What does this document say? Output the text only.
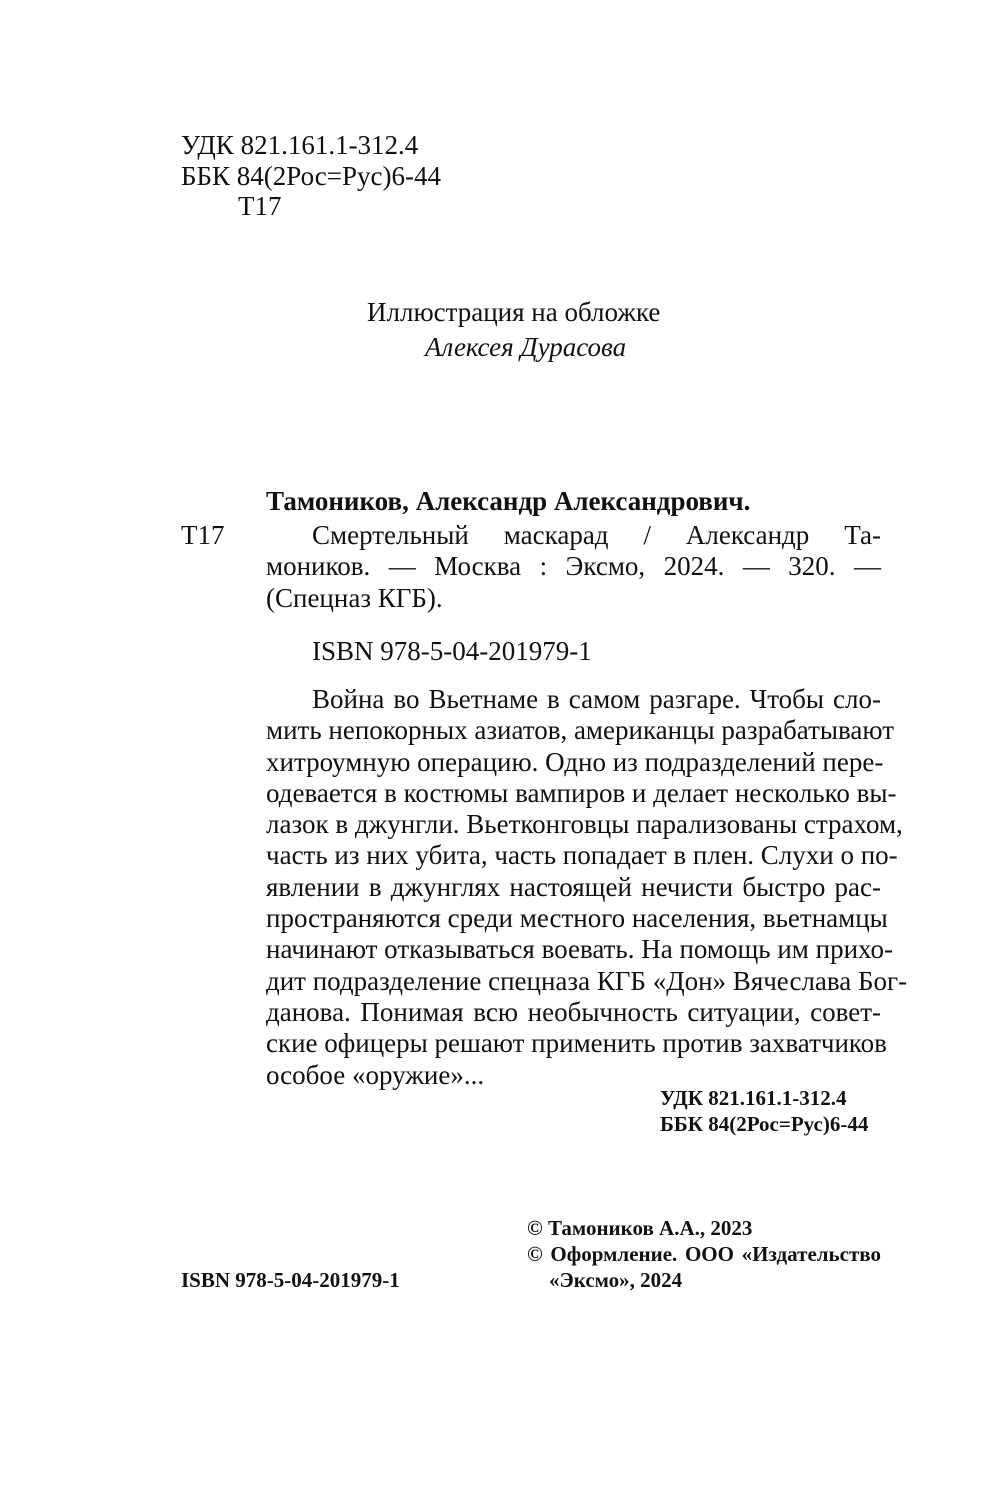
УДК 821.161.1-312.4
ББК 84(2Рос=Рус)6-44
Т17
Иллюстрация на обложке
Алексея Дурасова
Тамоников, Александр Александрович.
Т17	Смертельный маскарад / Александр Та-
моников. — Москва : Эксмо, 2024. — 320. —
(Спецназ КГБ).
ISBN 978-5-04-201979-1
Война во Вьетнаме в самом разгаре. Чтобы сло-
мить непокорных азиатов, американцы разрабатывают
хитроумную операцию. Одно из подразделений пере-
одевается в костюмы вампиров и делает несколько вы-
лазок в джунгли. Вьетконговцы парализованы страхом,
часть из них убита, часть попадает в плен. Слухи о по-
явлении в джунглях настоящей нечисти быстро рас-
пространяются среди местного населения, вьетнамцы
начинают отказываться воевать. На помощь им прихо-
дит подразделение спецназа КГБ «Дон» Вячеслава Бог-
данова. Понимая всю необычность ситуации, совет-
ские офицеры решают применить против захватчиков
особое «оружие»...
УДК 821.161.1-312.4
ББК 84(2Рос=Рус)6-44
ISBN 978-5-04-201979-1
© Тамоников А.А., 2023
© Оформление. ООО «Издательство
«Эксмо», 2024
